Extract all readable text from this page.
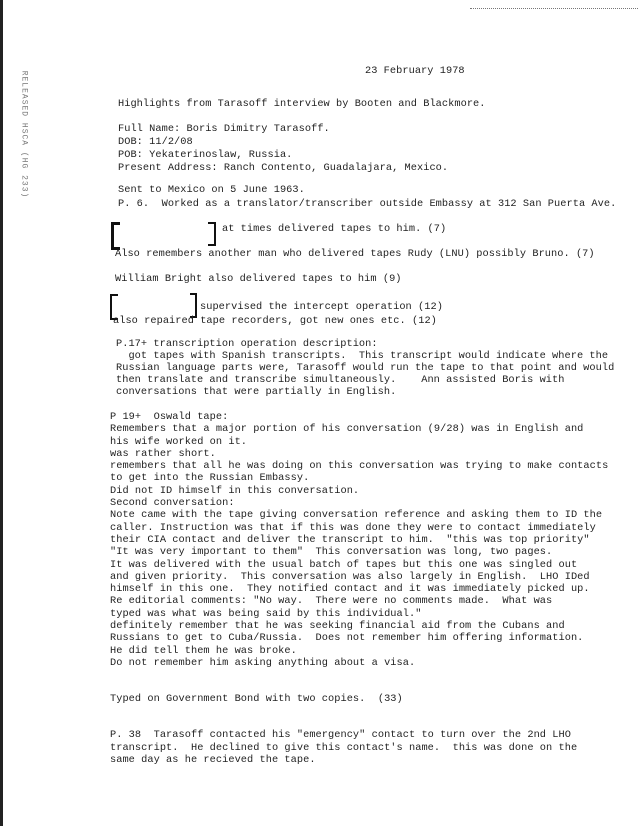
RELEASED HSCA (HG 233)	23 February 1978
Highlights from Tarasoff interview by Booten and Blackmore.
Full Name: Boris Dimitry Tarasoff.
DOB: 11/2/08
POB: Yekaterinoslaw, Russia.
Present Address: Ranch Contento, Guadalajara, Mexico.
Sent to Mexico on 5 June 1963.
P. 6.  Worked as a translator/transcriber outside Embassy at 312 San Puerta Ave.
at times delivered tapes to him. (7)
Also remembers another man who delivered tapes Rudy (LNU) possibly Bruno. (7)
William Bright also delivered tapes to him (9)
supervised the intercept operation (12)
also repaired tape recorders, got new ones etc. (12)
P.17+ transcription operation description:
got tapes with Spanish transcripts.  This transcript would indicate where the
Russian language parts were, Tarasoff would run the tape to that point and would
then translate and transcribe simultaneously.    Ann assisted Boris with
conversations that were partially in English.
P 19+  Oswald tape:
Remembers that a major portion of his conversation (9/28) was in English and
his wife worked on it.
was rather short.
remembers that all he was doing on this conversation was trying to make contacts
to get into the Russian Embassy.
Did not ID himself in this conversation.
Second conversation:
Note came with the tape giving conversation reference and asking them to ID the
caller. Instruction was that if this was done they were to contact immediately
their CIA contact and deliver the transcript to him.  "this was top priority"
"It was very important to them"  This conversation was long, two pages.
It was delivered with the usual batch of tapes but this one was singled out
and given priority.  This conversation was also largely in English.  LHO IDed
himself in this one.  They notified contact and it was immediately picked up.
Re editorial comments: "No way.  There were no comments made.  What was
typed was what was being said by this individual."
definitely remember that he was seeking financial aid from the Cubans and
Russians to get to Cuba/Russia.  Does not remember him offering information.
He did tell them he was broke.
Do not remember him asking anything about a visa.
Typed on Government Bond with two copies.  (33)
P. 38  Tarasoff contacted his "emergency" contact to turn over the 2nd LHO
transcript.  He declined to give this contact's name.  this was done on the
same day as he recieved the tape.
